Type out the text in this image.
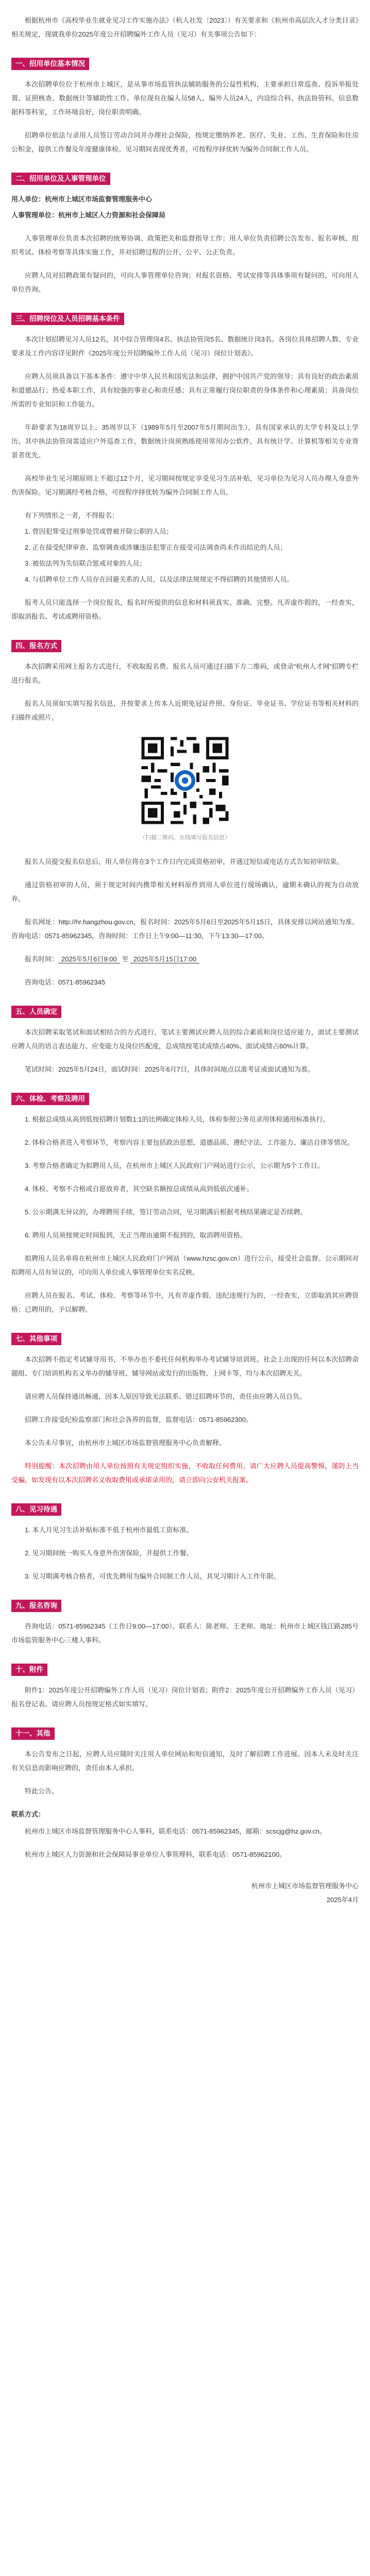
根据杭州市《高校毕业生就业见习工作实施办法》（杭人社发〔2023〕）有关要求和《杭州市高层次人才分类目录》相关规定，现就我单位2025年度公开招聘编外工作人员（见习）有关事项公告如下：

一、招用单位基本情况

本次招聘单位位于杭州市上城区，是从事市场监管执法辅助服务的公益性机构，主要承担日常巡查、投诉举报处置、证照核查、数据统计等辅助性工作。单位现有在编人员58人、编外人员24人，内设综合科、执法协管科、信息数据科等科室，工作环境良好，岗位职责明确。

招聘单位依法与录用人员签订劳动合同并办理社会保险，按规定缴纳养老、医疗、失业、工伤、生育保险和住房公积金，提供工作餐及年度健康体检。见习期间表现优秀者，可按程序择优转为编外合同制工作人员。

二、招用单位及人事管理单位

用人单位：杭州市上城区市场监督管理服务中心

人事管理单位：杭州市上城区人力资源和社会保障局

人事管理单位负责本次招聘的统筹协调、政策把关和监督指导工作；用人单位负责招聘公告发布、报名审核、组织考试、体检考察等具体实施工作，并对招聘过程的公开、公平、公正负责。

应聘人员对招聘政策有疑问的，可向人事管理单位咨询；对报名资格、考试安排等具体事项有疑问的，可向用人单位咨询。

三、招聘岗位及人员招聘基本条件

本次计划招聘见习人员12名，其中综合管理岗4名、执法协管岗5名、数据统计岗3名。各岗位具体招聘人数、专业要求及工作内容详见附件《2025年度公开招聘编外工作人员（见习）岗位计划表》。

应聘人员须具备以下基本条件：遵守中华人民共和国宪法和法律，拥护中国共产党的领导；具有良好的政治素质和道德品行；热爱本职工作，具有较强的事业心和责任感；具有正常履行岗位职责的身体条件和心理素质；具备岗位所需的专业知识和工作能力。

年龄要求为18周岁以上、35周岁以下（1989年5月至2007年5月期间出生），具有国家承认的大学专科及以上学历。其中执法协管岗需适应户外巡查工作，数据统计岗须熟练使用常用办公软件，具有统计学、计算机等相关专业背景者优先。

高校毕业生见习期原则上不超过12个月，见习期间按规定享受见习生活补贴，见习单位为见习人员办理人身意外伤害保险。见习期满经考核合格，可按程序择优转为编外合同制工作人员。

有下列情形之一者，不得报名：

1. 曾因犯罪受过刑事处罚或曾被开除公职的人员；

2. 正在接受纪律审查、监察调查或涉嫌违法犯罪正在接受司法调查尚未作出结论的人员；

3. 被依法列为失信联合惩戒对象的人员；

4. 与招聘单位工作人员存在回避关系的人员，以及法律法规规定不得招聘的其他情形人员。

报考人员只能选择一个岗位报名，报名时所提供的信息和材料须真实、准确、完整。凡弄虚作假的，一经查实，即取消报名、考试或聘用资格。

四、报名方式

本次招聘采用网上报名方式进行，不收取报名费。报名人员可通过扫描下方二维码，或登录“杭州人才网”招聘专栏进行报名。

报名人员须如实填写报名信息，并按要求上传本人近期免冠证件照、身份证、毕业证书、学位证书等相关材料的扫描件或照片。

（扫描二维码，在线填写报名信息）

报名人员提交报名信息后，用人单位将在3个工作日内完成资格初审，并通过短信或电话方式告知初审结果。

通过资格初审的人员，须于规定时间内携带相关材料原件到用人单位进行现场确认，逾期未确认的视为自动放弃。

报名网址：http://hr.hangzhou.gov.cn，报名时间：2025年5月6日至2025年5月15日，具体安排以网站通知为准。咨询电话：0571-85962345，咨询时间：工作日上午9:00—11:30，下午13:30—17:00。

报名时间： 2025年5月6日9:00 至 2025年5月15日17:00

咨询电话：0571-85962345

五、人员确定

本次招聘采取笔试和面试相结合的方式进行，笔试主要测试应聘人员的综合素质和岗位适应能力，面试主要测试应聘人员的语言表达能力、应变能力及岗位匹配度，总成绩按笔试成绩占40%、面试成绩占60%计算。

笔试时间：2025年5月24日，面试时间：2025年6月7日，具体时间地点以准考证或面试通知为准。

六、体检、考察及聘用

1. 根据总成绩从高到低按招聘计划数1:1的比例确定体检人员，体检参照公务员录用体检通用标准执行。

2. 体检合格者进入考察环节，考察内容主要包括政治思想、道德品质、遵纪守法、工作能力、廉洁自律等情况。

3. 考察合格者确定为拟聘用人员，在杭州市上城区人民政府门户网站进行公示，公示期为5个工作日。

4. 体检、考察不合格或自愿放弃者，其空缺名额按总成绩从高到低依次递补。

5. 公示期满无异议的，办理聘用手续，签订劳动合同，见习期满后根据考核结果确定是否续聘。

6. 聘用人员须按规定时间报到，无正当理由逾期不报到的，取消聘用资格。

拟聘用人员名单将在杭州市上城区人民政府门户网站（www.hzsc.gov.cn）进行公示，接受社会监督。公示期间对拟聘用人员有异议的，可向用人单位或人事管理单位实名反映。

应聘人员在报名、考试、体检、考察等环节中，凡有弄虚作假、违纪违规行为的，一经查实，立即取消其应聘资格；已聘用的，予以解聘。

七、其他事项

本次招聘不指定考试辅导用书，不举办也不委托任何机构举办考试辅导培训班。社会上出现的任何以本次招聘命题组、专门培训机构名义举办的辅导班、辅导网站或发行的出版物、上网卡等，均与本次招聘无关。

请应聘人员保持通讯畅通，因本人原因导致无法联系、错过招聘环节的，责任由应聘人员自负。

招聘工作接受纪检监察部门和社会各界的监督，监督电话：0571-85962300。

本公告未尽事宜，由杭州市上城区市场监督管理服务中心负责解释。

特别提醒：本次招聘由用人单位按照有关规定组织实施，不收取任何费用。请广大应聘人员提高警惕，谨防上当受骗，如发现有以本次招聘名义收取费用或承诺录用的，请立即向公安机关报案。

八、见习待遇

1. 本人月见习生活补贴标准不低于杭州市最低工资标准。

2. 见习期间统一购买人身意外伤害保险，并提供工作餐。

3. 见习期满考核合格者，可优先聘用为编外合同制工作人员，其见习期计入工作年限。

九、报名咨询

咨询电话：0571-85962345（工作日9:00—17:00）。联系人：陈老师、王老师。地址：杭州市上城区钱江路285号市场监管服务中心三楼人事科。

十、附件

附件1：2025年度公开招聘编外工作人员（见习）岗位计划表；附件2：2025年度公开招聘编外工作人员（见习）报名登记表。请应聘人员按规定格式如实填写。

十一、其他

本公告发布之日起，应聘人员应随时关注用人单位网站和短信通知，及时了解招聘工作进展。因本人未及时关注有关信息而影响应聘的，责任由本人承担。

特此公告。

联系方式：

杭州市上城区市场监督管理服务中心人事科，联系电话：0571-85962345，邮箱：scscjg@hz.gov.cn。

杭州市上城区人力资源和社会保障局事业单位人事管理科，联系电话：0571-85962100。

杭州市上城区市场监督管理服务中心

2025年4月
